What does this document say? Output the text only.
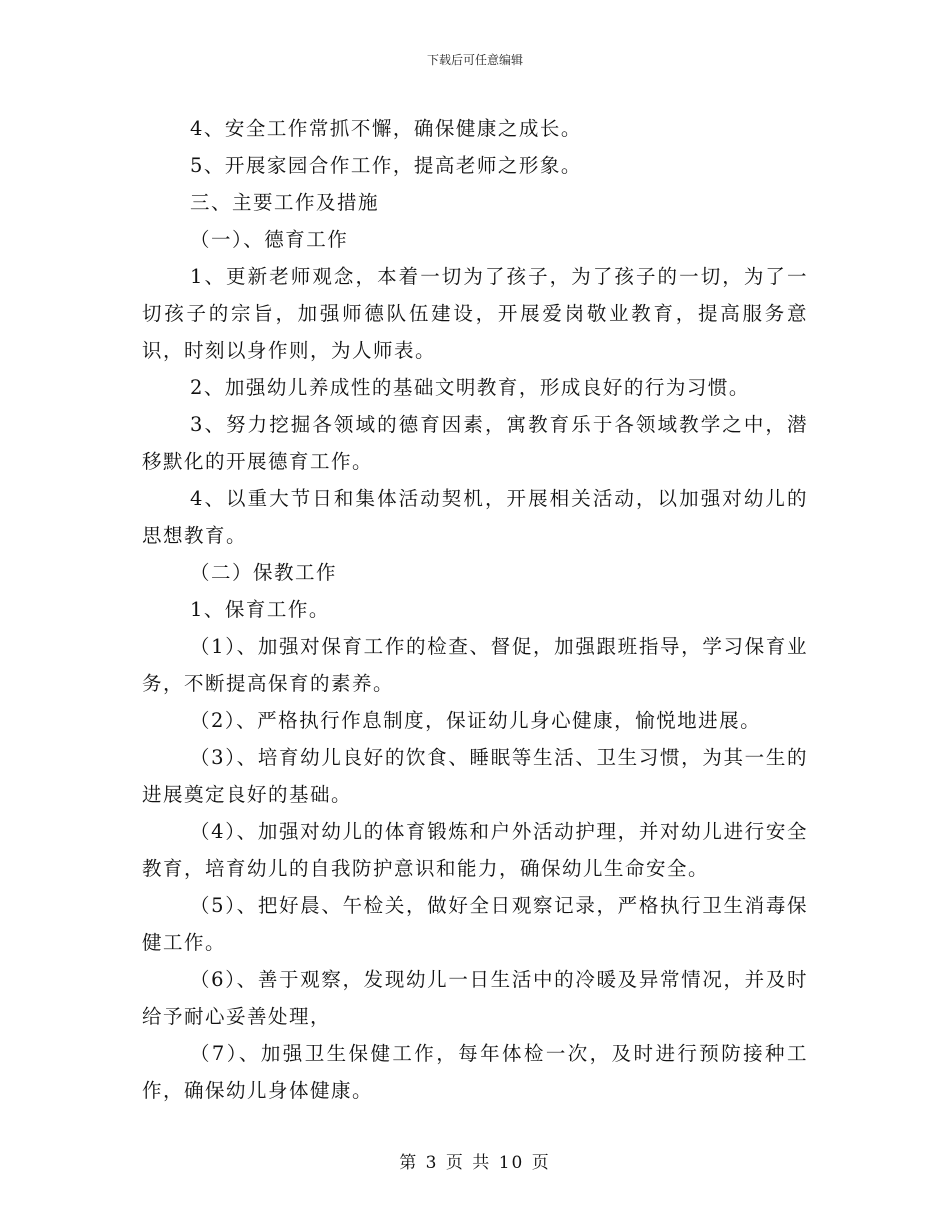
下载后可任意编辑

4、安全工作常抓不懈，确保健康之成长。

5、开展家园合作工作，提高老师之形象。

三、主要工作及措施

（一）、德育工作

1、更新老师观念，本着一切为了孩子，为了孩子的一切，为了一切孩子的宗旨，加强师德队伍建设，开展爱岗敬业教育，提高服务意识，时刻以身作则，为人师表。

2、加强幼儿养成性的基础文明教育，形成良好的行为习惯。

3、努力挖掘各领域的德育因素，寓教育乐于各领域教学之中，潜移默化的开展德育工作。

4、以重大节日和集体活动契机，开展相关活动，以加强对幼儿的思想教育。

（二）保教工作

1、保育工作。

（1）、加强对保育工作的检查、督促，加强跟班指导，学习保育业务，不断提高保育的素养。

（2）、严格执行作息制度，保证幼儿身心健康，愉悦地进展。

（3）、培育幼儿良好的饮食、睡眠等生活、卫生习惯，为其一生的进展奠定良好的基础。

（4）、加强对幼儿的体育锻炼和户外活动护理，并对幼儿进行安全教育，培育幼儿的自我防护意识和能力，确保幼儿生命安全。

（5）、把好晨、午检关，做好全日观察记录，严格执行卫生消毒保健工作。

（6）、善于观察，发现幼儿一日生活中的冷暖及异常情况，并及时给予耐心妥善处理，

（7）、加强卫生保健工作，每年体检一次，及时进行预防接种工作，确保幼儿身体健康。

第 3 页 共 10 页
